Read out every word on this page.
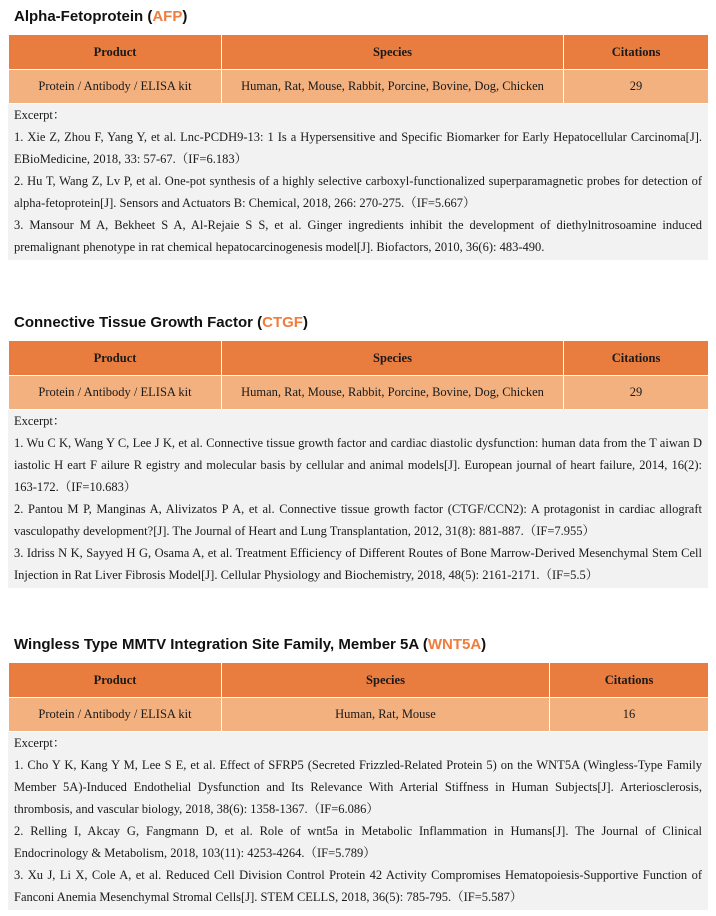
Alpha-Fetoprotein (AFP)
Product	Species	Citations
Protein / Antibody / ELISA kit	Human, Rat, Mouse, Rabbit, Porcine, Bovine, Dog, Chicken	29

Excerpt：

1. Xie Z, Zhou F, Yang Y, et al. Lnc-PCDH9-13: 1 Is a Hypersensitive and Specific Biomarker for Early Hepatocellular Carcinoma[J]. EBioMedicine, 2018, 33: 57-67.（IF=6.183）

2. Hu T, Wang Z, Lv P, et al. One-pot synthesis of a highly selective carboxyl-functionalized superparamagnetic probes for detection of alpha-fetoprotein[J]. Sensors and Actuators B: Chemical, 2018, 266: 270-275.（IF=5.667）

3. Mansour M A, Bekheet S A, Al‐Rejaie S S, et al. Ginger ingredients inhibit the development of diethylnitrosoamine induced premalignant phenotype in rat chemical hepatocarcinogenesis model[J]. Biofactors, 2010, 36(6): 483-490.

Connective Tissue Growth Factor (CTGF)
Product	Species	Citations
Protein / Antibody / ELISA kit	Human, Rat, Mouse, Rabbit, Porcine, Bovine, Dog, Chicken	29

Excerpt：

1. Wu C K, Wang Y C, Lee J K, et al. Connective tissue growth factor and cardiac diastolic dysfunction: human data from the T aiwan D iastolic H eart F ailure R egistry and molecular basis by cellular and animal models[J]. European journal of heart failure, 2014, 16(2): 163-172.（IF=10.683）

2. Pantou M P, Manginas A, Alivizatos P A, et al. Connective tissue growth factor (CTGF/CCN2): A protagonist in cardiac allograft vasculopathy development?[J]. The Journal of Heart and Lung Transplantation, 2012, 31(8): 881-887.（IF=7.955）

3. Idriss N K, Sayyed H G, Osama A, et al. Treatment Efficiency of Different Routes of Bone Marrow-Derived Mesenchymal Stem Cell Injection in Rat Liver Fibrosis Model[J]. Cellular Physiology and Biochemistry, 2018, 48(5): 2161-2171.（IF=5.5）

Wingless Type MMTV Integration Site Family, Member 5A (WNT5A)
Product	Species	Citations
Protein / Antibody / ELISA kit	Human, Rat, Mouse	16

Excerpt：

1. Cho Y K, Kang Y M, Lee S E, et al. Effect of SFRP5 (Secreted Frizzled‐Related Protein 5) on the WNT5A (Wingless-Type Family Member 5A)-Induced Endothelial Dysfunction and Its Relevance With Arterial Stiffness in Human Subjects[J]. Arteriosclerosis, thrombosis, and vascular biology, 2018, 38(6): 1358-1367.（IF=6.086）

2. Relling I, Akcay G, Fangmann D, et al. Role of wnt5a in Metabolic Inflammation in Humans[J]. The Journal of Clinical Endocrinology & Metabolism, 2018, 103(11): 4253-4264.（IF=5.789）

3. Xu J, Li X, Cole A, et al. Reduced Cell Division Control Protein 42 Activity Compromises Hematopoiesis‐Supportive Function of Fanconi Anemia Mesenchymal Stromal Cells[J]. STEM CELLS, 2018, 36(5): 785-795.（IF=5.587）
